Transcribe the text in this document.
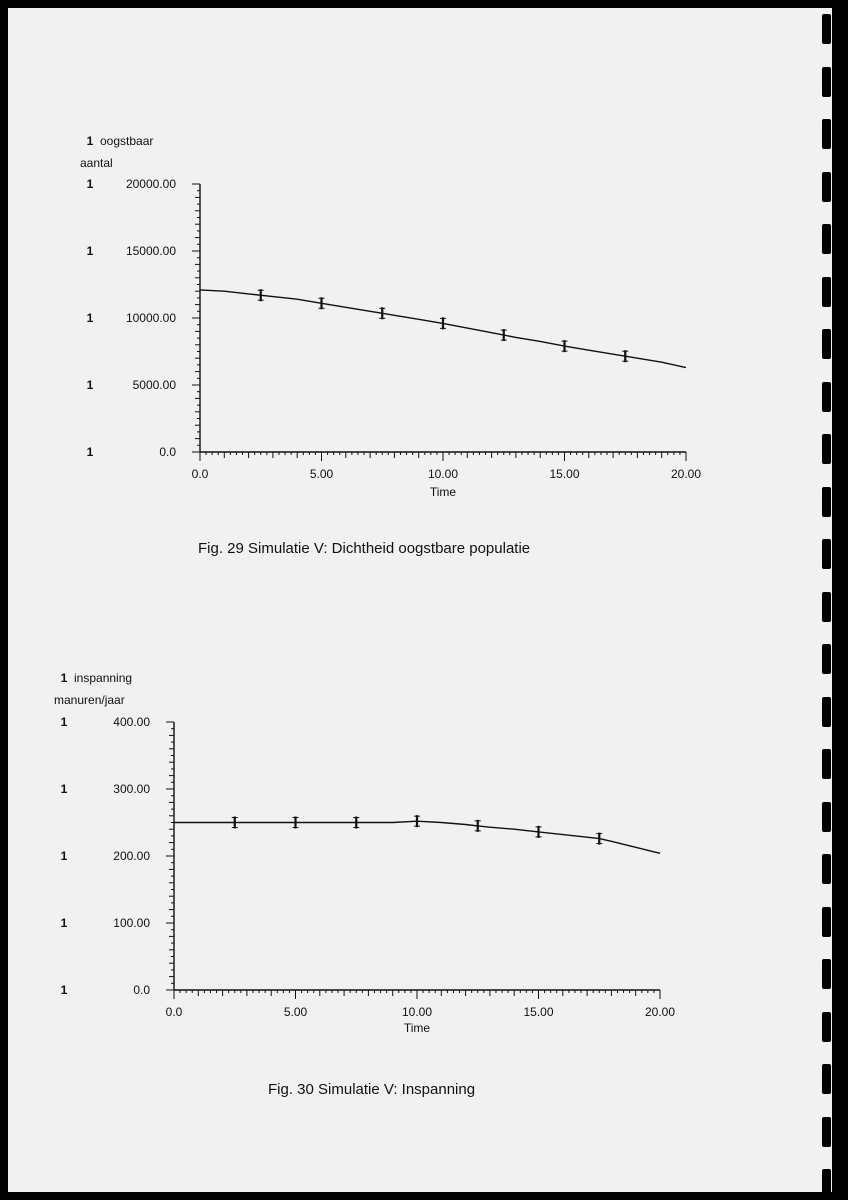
0.0
1
5000.00
1
10000.00
1
15000.00
1
20000.00
1
1 oogstbaar
aantal
0.0	5.00	10.00	15.00	20.00
Time
Fig. 29 Simulatie V: Dichtheid oogstbare populatie
0.0
1
100.00
1
200.00
1
300.00
1
400.00
1
1 inspanning
manuren/jaar
0.0	5.00	10.00	15.00	20.00
Time
Fig. 30 Simulatie V: Inspanning
